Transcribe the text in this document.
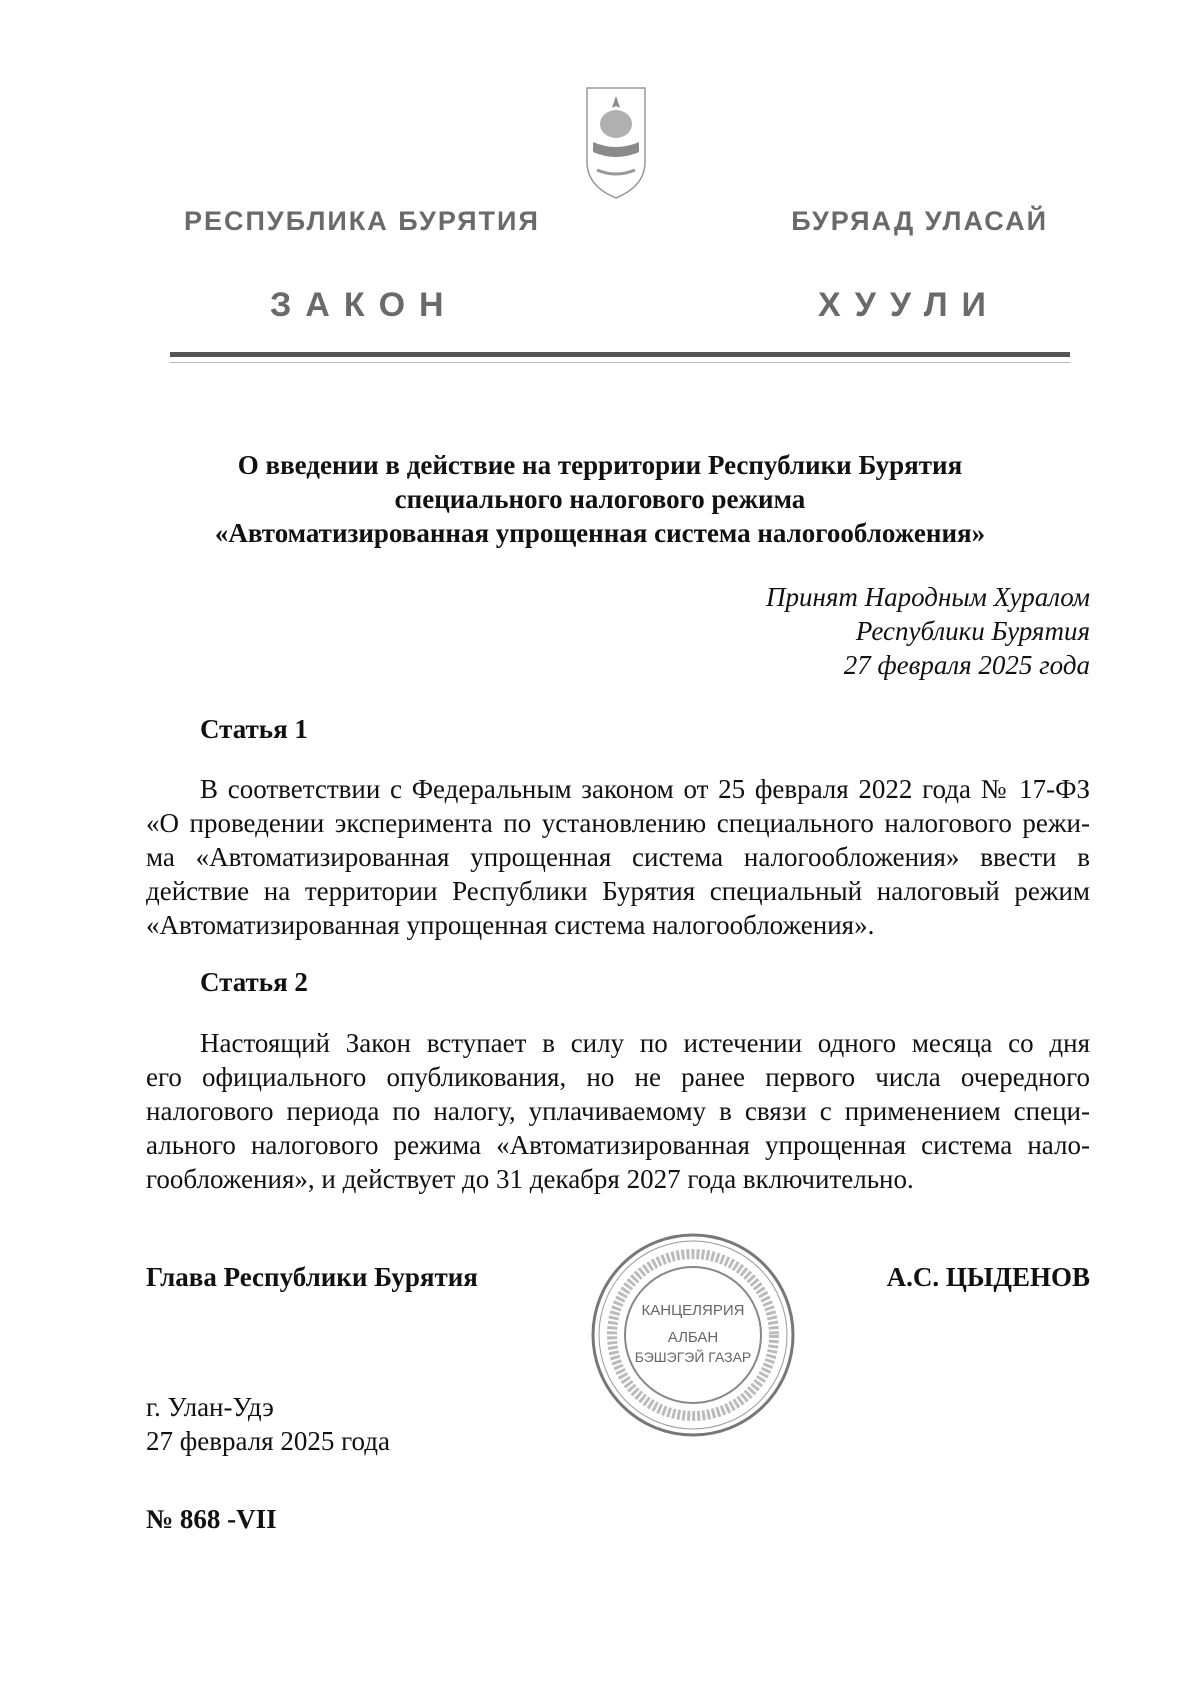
РЕСПУБЛИКА БУРЯТИЯ	БУРЯАД УЛАСАЙ
ЗАКОН	ХУУЛИ
О введении в действие на территории Республики Бурятия
специального налогового режима
«Автоматизированная упрощенная система налогообложения»
Принят Народным Хуралом
Республики Бурятия
27 февраля 2025 года
Статья 1
В соответствии с Федеральным законом от 25 февраля 2022 года № 17-ФЗ
«О проведении эксперимента по установлению специального налогового режи-
ма «Автоматизированная упрощенная система налогообложения» ввести в
действие на территории Республики Бурятия специальный налоговый режим
«Автоматизированная упрощенная система налогообложения».
Статья 2
Настоящий Закон вступает в силу по истечении одного месяца со дня
его официального опубликования, но не ранее первого числа очередного
налогового периода по налогу, уплачиваемому в связи с применением специ-
ального налогового режима «Автоматизированная упрощенная система нало-
гообложения», и действует до 31 декабря 2027 года включительно.
Глава Республики Бурятия	А.С. ЦЫДЕНОВ
КАНЦЕЛЯРИЯ
АЛБАН
БЭШЭГЭЙ ГАЗАР
г. Улан-Удэ
27 февраля 2025 года
№ 868 -VII
